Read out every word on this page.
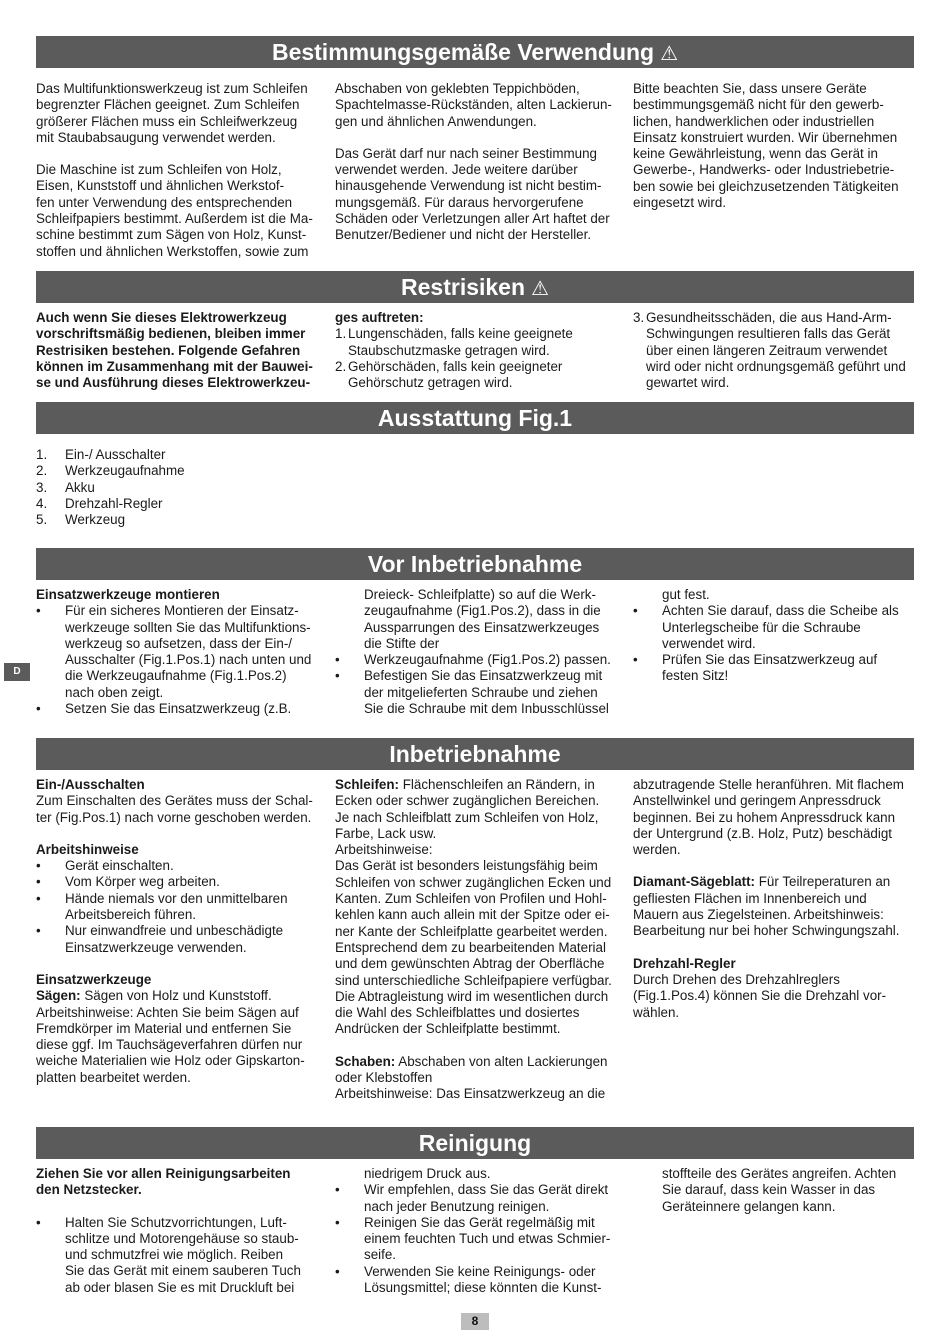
Bestimmungsgemäße Verwendung ⚠

Das Multifunktionswerkzeug ist zum Schleifen
begrenzter Flächen geeignet. Zum Schleifen
größerer Flächen muss ein Schleifwerkzeug
mit Staubabsaugung verwendet werden.

Die Maschine ist zum Schleifen von Holz,
Eisen, Kunststoff und ähnlichen Werkstof-
fen unter Verwendung des entsprechenden
Schleifpapiers bestimmt. Außerdem ist die Ma-
schine bestimmt zum Sägen von Holz, Kunst-
stoffen und ähnlichen Werkstoffen, sowie zum

Abschaben von geklebten Teppichböden,
Spachtelmasse-Rückständen, alten Lackierun-
gen und ähnlichen Anwendungen.

Das Gerät darf nur nach seiner Bestimmung
verwendet werden. Jede weitere darüber
hinausgehende Verwendung ist nicht bestim-
mungsgemäß. Für daraus hervorgerufene
Schäden oder Verletzungen aller Art haftet der
Benutzer/Bediener und nicht der Hersteller.

Bitte beachten Sie, dass unsere Geräte
bestimmungsgemäß nicht für den gewerb-
lichen, handwerklichen oder industriellen
Einsatz konstruiert wurden. Wir übernehmen
keine Gewährleistung, wenn das Gerät in
Gewerbe-, Handwerks- oder Industriebetrie-
ben sowie bei gleichzusetzenden Tätigkeiten
eingesetzt wird.

Restrisiken ⚠

Auch wenn Sie dieses Elektrowerkzeug
vorschriftsmäßig bedienen, bleiben immer
Restrisiken bestehen. Folgende Gefahren
können im Zusammenhang mit der Bauwei-
se und Ausführung dieses Elektrowerkzeu-

ges auftreten:

1. Lungenschäden, falls keine geeignete Staubschutzmaske getragen wird.
2. Gehörschäden, falls kein geeigneter Gehörschutz getragen wird.
3. Gesundheitsschäden, die aus Hand-Arm-Schwingungen resultieren falls das Gerät über einen längeren Zeitraum verwendet wird oder nicht ordnungsgemäß geführt und gewartet wird.
Ausstattung Fig.1
1. Ein-/ Ausschalter
2. Werkzeugaufnahme
3. Akku
4. Drehzahl-Regler
5. Werkzeug
Vor Inbetriebnahme
D

Einsatzwerkzeuge montieren

• Für ein sicheres Montieren der Einsatz-
werkzeuge sollten Sie das Multifunktions-
werkzeug so aufsetzen, dass der Ein-/
Ausschalter (Fig.1.Pos.1) nach unten und
die Werkzeugaufnahme (Fig.1.Pos.2)
nach oben zeigt.
• Setzen Sie das Einsatzwerkzeug (z.B.
Dreieck- Schleifplatte) so auf die Werk-
zeugaufnahme (Fig1.Pos.2), dass in die
Aussparrungen des Einsatzwerkzeuges
die Stifte der
• Werkzeugaufnahme (Fig1.Pos.2) passen.
• Befestigen Sie das Einsatzwerkzeug mit
der mitgelieferten Schraube und ziehen
Sie die Schraube mit dem Inbusschlüssel
gut fest.
• Achten Sie darauf, dass die Scheibe als Unterlegscheibe für die Schraube verwendet wird.
• Prüfen Sie das Einsatzwerkzeug auf festen Sitz!
Inbetriebnahme

Ein-/Ausschalten

Zum Einschalten des Gerätes muss der Schal-
ter (Fig.Pos.1) nach vorne geschoben werden.

Arbeitshinweise

• Gerät einschalten.
• Vom Körper weg arbeiten.
• Hände niemals vor den unmittelbaren
Arbeitsbereich führen.
• Nur einwandfreie und unbeschädigte
Einsatzwerkzeuge verwenden.

Einsatzwerkzeuge

Sägen: Sägen von Holz und Kunststoff.
Arbeitshinweise: Achten Sie beim Sägen auf
Fremdkörper im Material und entfernen Sie
diese ggf. Im Tauchsägeverfahren dürfen nur
weiche Materialien wie Holz oder Gipskarton-
platten bearbeitet werden.

Schleifen: Flächenschleifen an Rändern, in
Ecken oder schwer zugänglichen Bereichen.
Je nach Schleifblatt zum Schleifen von Holz,
Farbe, Lack usw.

Arbeitshinweise:

Das Gerät ist besonders leistungsfähig beim
Schleifen von schwer zugänglichen Ecken und
Kanten. Zum Schleifen von Profilen und Hohl-
kehlen kann auch allein mit der Spitze oder ei-
ner Kante der Schleifplatte gearbeitet werden.
Entsprechend dem zu bearbeitenden Material
und dem gewünschten Abtrag der Oberfläche
sind unterschiedliche Schleifpapiere verfügbar.
Die Abtragleistung wird im wesentlichen durch
die Wahl des Schleifblattes und dosiertes
Andrücken der Schleifplatte bestimmt.

Schaben: Abschaben von alten Lackierungen
oder Klebstoffen
Arbeitshinweise: Das Einsatzwerkzeug an die

abzutragende Stelle heranführen. Mit flachem
Anstellwinkel und geringem Anpressdruck
beginnen. Bei zu hohem Anpressdruck kann
der Untergrund (z.B. Holz, Putz) beschädigt
werden.

Diamant-Sägeblatt: Für Teilreperaturen an
gefliesten Flächen im Innenbereich und
Mauern aus Ziegelsteinen. Arbeitshinweis:
Bearbeitung nur bei hoher Schwingungszahl.

Drehzahl-Regler

Durch Drehen des Drehzahlreglers
(Fig.1.Pos.4) können Sie die Drehzahl vor-
wählen.

Reinigung

Ziehen Sie vor allen Reinigungsarbeiten
den Netzstecker.

• Halten Sie Schutzvorrichtungen, Luft-
schlitze und Motorengehäuse so staub-
und schmutzfrei wie möglich. Reiben
Sie das Gerät mit einem sauberen Tuch
ab oder blasen Sie es mit Druckluft bei
niedrigem Druck aus.
• Wir empfehlen, dass Sie das Gerät direkt
nach jeder Benutzung reinigen.
• Reinigen Sie das Gerät regelmäßig mit
einem feuchten Tuch und etwas Schmier-
seife.
• Verwenden Sie keine Reinigungs- oder
Lösungsmittel; diese könnten die Kunst-
stoffteile des Gerätes angreifen. Achten
Sie darauf, dass kein Wasser in das
Geräteinnere gelangen kann.
8
